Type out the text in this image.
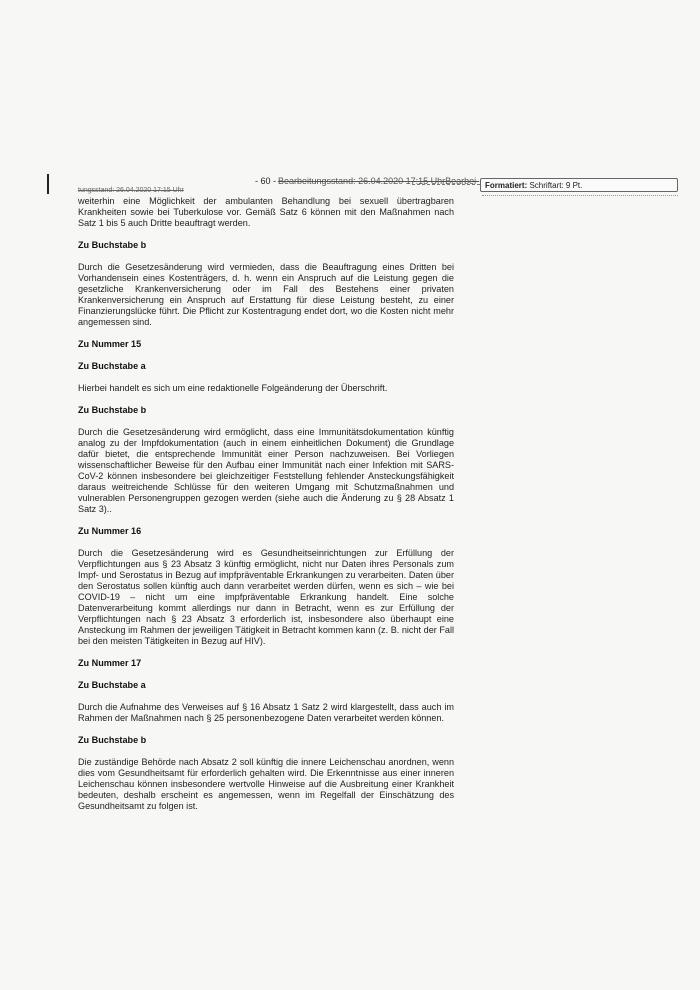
- 60 - Bearbeitungsstand: 26.04.2020 17:15 UhrBearbei-
tungsstand: 26.04.2020 17:15 Uhr
Formatiert: Schriftart: 9 Pt.

weiterhin eine Möglichkeit der ambulanten Behandlung bei sexuell übertragbaren Krankheiten sowie bei Tuberkulose vor. Gemäß Satz 6 können mit den Maßnahmen nach Satz 1 bis 5 auch Dritte beauftragt werden.

Zu Buchstabe b

Durch die Gesetzesänderung wird vermieden, dass die Beauftragung eines Dritten bei Vorhandensein eines Kostenträgers, d. h. wenn ein Anspruch auf die Leistung gegen die gesetzliche Krankenversicherung oder im Fall des Bestehens einer privaten Krankenversicherung ein Anspruch auf Erstattung für diese Leistung besteht, zu einer Finanzierungslücke führt. Die Pflicht zur Kostentragung endet dort, wo die Kosten nicht mehr angemessen sind.

Zu Nummer 15
Zu Buchstabe a

Hierbei handelt es sich um eine redaktionelle Folgeänderung der Überschrift.

Zu Buchstabe b

Durch die Gesetzesänderung wird ermöglicht, dass eine Immunitätsdokumentation künftig analog zu der Impfdokumentation (auch in einem einheitlichen Dokument) die Grundlage dafür bietet, die entsprechende Immunität einer Person nachzuweisen. Bei Vorliegen wissenschaftlicher Beweise für den Aufbau einer Immunität nach einer Infektion mit SARS-CoV-2 können insbesondere bei gleichzeitiger Feststellung fehlender Ansteckungsfähigkeit daraus weitreichende Schlüsse für den weiteren Umgang mit Schutzmaßnahmen und vulnerablen Personengruppen gezogen werden (siehe auch die Änderung zu § 28 Absatz 1 Satz 3)..

Zu Nummer 16

Durch die Gesetzesänderung wird es Gesundheitseinrichtungen zur Erfüllung der Verpflichtungen aus § 23 Absatz 3 künftig ermöglicht, nicht nur Daten ihres Personals zum Impf- und Serostatus in Bezug auf impfpräventable Erkrankungen zu verarbeiten. Daten über den Serostatus sollen künftig auch dann verarbeitet werden dürfen, wenn es sich – wie bei COVID-19 – nicht um eine impfpräventable Erkrankung handelt. Eine solche Datenverarbeitung kommt allerdings nur dann in Betracht, wenn es zur Erfüllung der Verpflichtungen nach § 23 Absatz 3 erforderlich ist, insbesondere also überhaupt eine Ansteckung im Rahmen der jeweiligen Tätigkeit in Betracht kommen kann (z. B. nicht der Fall bei den meisten Tätigkeiten in Bezug auf HIV).

Zu Nummer 17
Zu Buchstabe a

Durch die Aufnahme des Verweises auf § 16 Absatz 1 Satz 2 wird klargestellt, dass auch im Rahmen der Maßnahmen nach § 25 personenbezogene Daten verarbeitet werden können.

Zu Buchstabe b

Die zuständige Behörde nach Absatz 2 soll künftig die innere Leichenschau anordnen, wenn dies vom Gesundheitsamt für erforderlich gehalten wird. Die Erkenntnisse aus einer inneren Leichenschau können insbesondere wertvolle Hinweise auf die Ausbreitung einer Krankheit bedeuten, deshalb erscheint es angemessen, wenn im Regelfall der Einschätzung des Gesundheitsamt zu folgen ist.
